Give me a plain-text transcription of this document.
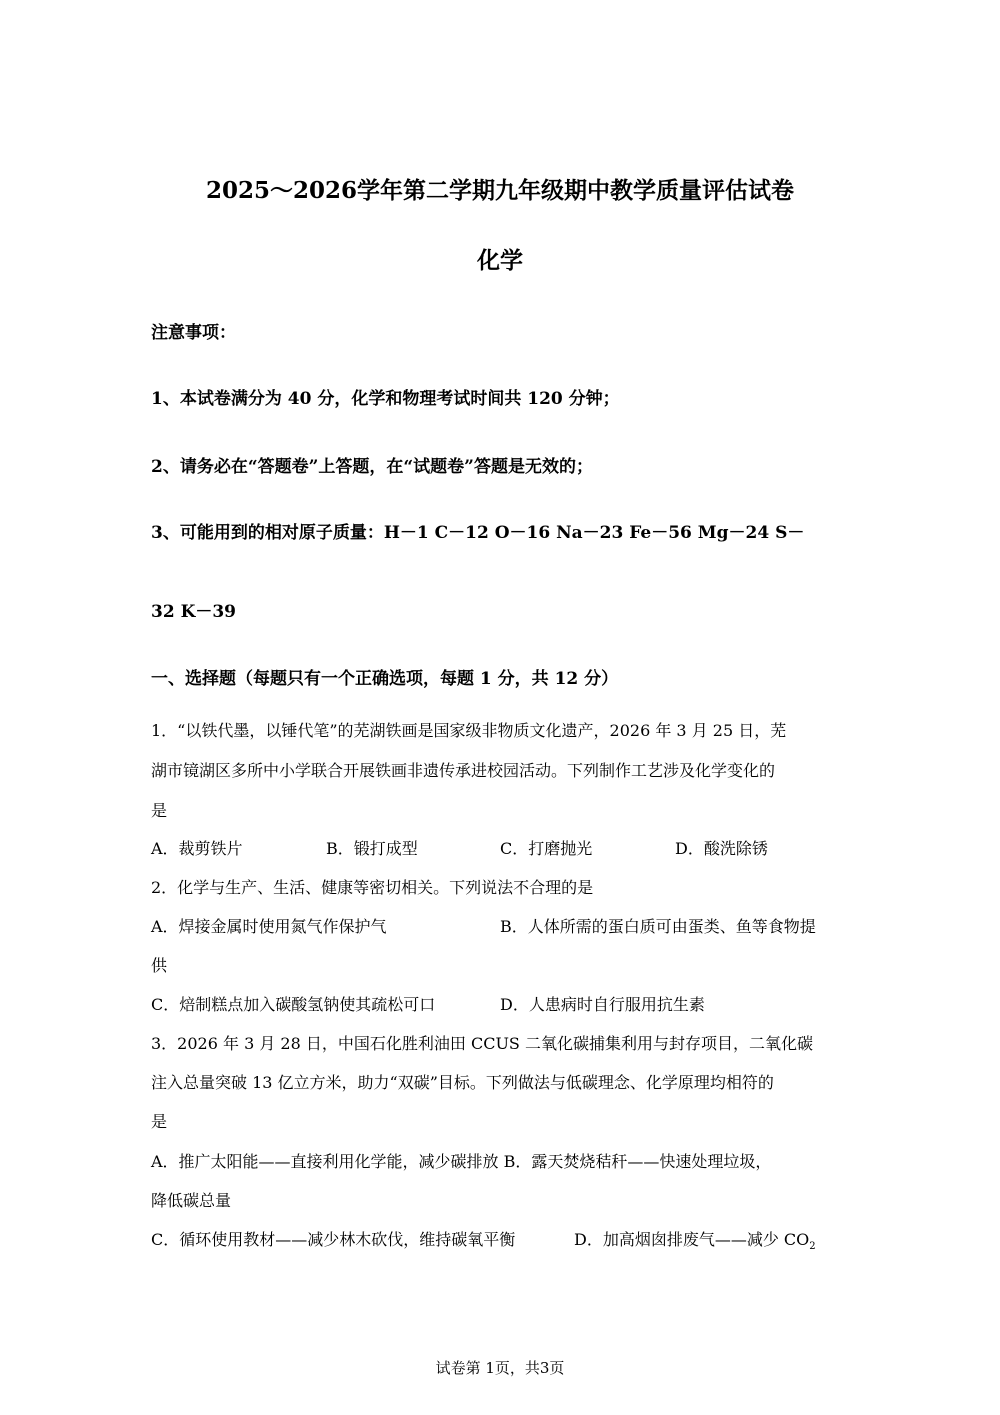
2025～2026学年第二学期九年级期中教学质量评估试卷
化学
注意事项：
1、本试卷满分为 40 分，化学和物理考试时间共 120 分钟；
2、请务必在“答题卷”上答题，在“试题卷”答题是无效的；
3、可能用到的相对原子质量：H－1 C－12 O－16 Na－23 Fe－56 Mg－24 S－
32 K－39
一、选择题（每题只有一个正确选项，每题 1 分，共 12 分）
1．“以铁代墨，以锤代笔”的芜湖铁画是国家级非物质文化遗产，2026 年 3 月 25 日，芜
湖市镜湖区多所中小学联合开展铁画非遗传承进校园活动。下列制作工艺涉及化学变化的
是
A．裁剪铁片	B．锻打成型	C．打磨抛光	D．酸洗除锈
2．化学与生产、生活、健康等密切相关。下列说法不合理的是
A．焊接金属时使用氮气作保护气	B．人体所需的蛋白质可由蛋类、鱼等食物提
供
C．焙制糕点加入碳酸氢钠使其疏松可口	D．人患病时自行服用抗生素
3．2026 年 3 月 28 日，中国石化胜利油田 CCUS 二氧化碳捕集利用与封存项目，二氧化碳
注入总量突破 13 亿立方米，助力“双碳”目标。下列做法与低碳理念、化学原理均相符的
是
A．推广太阳能——直接利用化学能，减少碳排放 B．露天焚烧秸秆——快速处理垃圾，
降低碳总量
C．循环使用教材——减少林木砍伐，维持碳氧平衡	D．加高烟囱排废气——减少 $CO_2$
试卷第 1页，共3页
